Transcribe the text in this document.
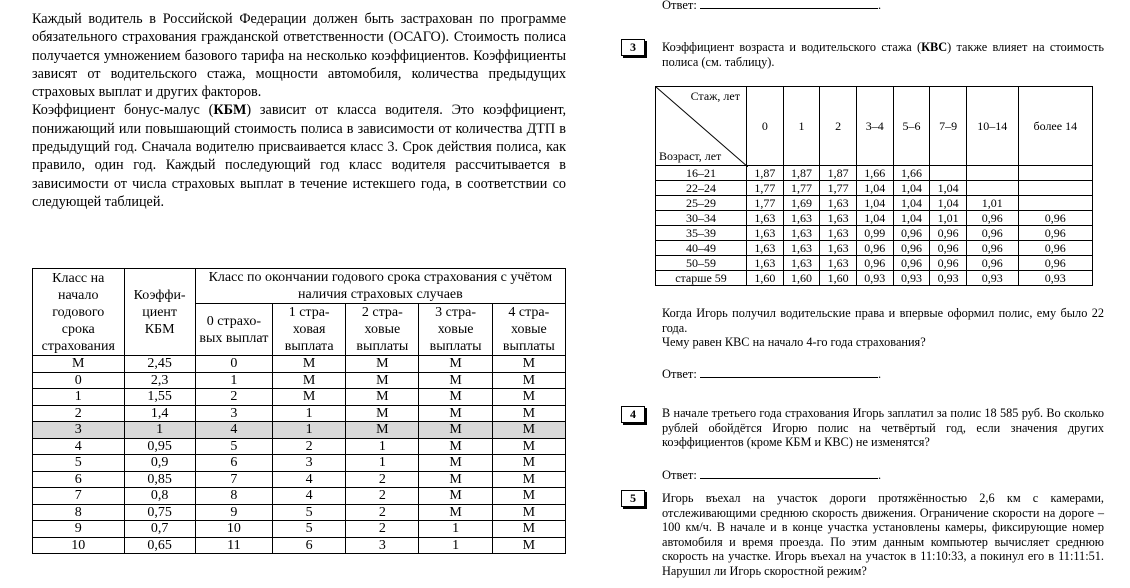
Каждый водитель в Российской Федерации должен быть застрахован по программе обязательного страхования гражданской ответственности (ОСАГО). Стоимость полиса получается умножением базового тарифа на несколько коэффициентов. Коэффициенты зависят от водительского стажа, мощности автомобиля, количества предыдущих страховых выплат и других факторов.

Коэффициент бонус-малус (КБМ) зависит от класса водителя. Это коэффициент, понижающий или повышающий стоимость полиса в зависимости от количества ДТП в предыдущий год. Сначала водителю присваивается класс 3. Срок действия полиса, как правило, один год. Каждый последующий год класс водителя рассчитывается в зависимости от числа страховых выплат в течение истекшего года, в соответствии со следующей таблицей.

Класс на начало годового срока страхования	Коэффи-циент КБМ	Класс по окончании годового срока страхования с учётом наличия страховых случаев				
		0 страхо-вых выплат	1 стра-ховая выплата	2 стра-ховые выплаты	3 стра-ховые выплаты	4 стра-ховые выплаты
М	2,45	0	М	М	М	М
0	2,3	1	М	М	М	М
1	1,55	2	М	М	М	М
2	1,4	3	1	М	М	М
3	1	4	1	М	М	М
4	0,95	5	2	1	М	М
5	0,9	6	3	1	М	М
6	0,85	7	4	2	М	М
7	0,8	8	4	2	М	М
8	0,75	9	5	2	М	М
9	0,7	10	5	2	1	М
10	0,65	11	6	3	1	М
Ответ:	.
3	Коэффициент возраста и водительского стажа (КВС) также влияет на стоимость полиса (см. таблицу).
Стаж, лет
Возраст, лет	0	1	2	3–4	5–6	7–9	10–14	более 14
16–21	1,87	1,87	1,87	1,66	1,66			
22–24	1,77	1,77	1,77	1,04	1,04	1,04		
25–29	1,77	1,69	1,63	1,04	1,04	1,04	1,01	
30–34	1,63	1,63	1,63	1,04	1,04	1,01	0,96	0,96
35–39	1,63	1,63	1,63	0,99	0,96	0,96	0,96	0,96
40–49	1,63	1,63	1,63	0,96	0,96	0,96	0,96	0,96
50–59	1,63	1,63	1,63	0,96	0,96	0,96	0,96	0,96
старше 59	1,60	1,60	1,60	0,93	0,93	0,93	0,93	0,93
Когда Игорь получил водительские права и впервые оформил полис, ему было 22 года.
Чему равен КВС на начало 4-го года страхования?
Ответ:	.
4	В начале третьего года страхования Игорь заплатил за полис 18 585 руб. Во сколько рублей обойдётся Игорю полис на четвёртый год, если значения других коэффициентов (кроме КБМ и КВС) не изменятся?
Ответ:	.
5	Игорь въехал на участок дороги протяжённостью 2,6 км с камерами, отслеживающими среднюю скорость движения. Ограничение скорости на дороге – 100 км/ч. В начале и в конце участка установлены камеры, фиксирующие номер автомобиля и время проезда. По этим данным компьютер вычисляет среднюю скорость на участке. Игорь въехал на участок в 11:10:33, а покинул его в 11:11:51. Нарушил ли Игорь скоростной режим?
